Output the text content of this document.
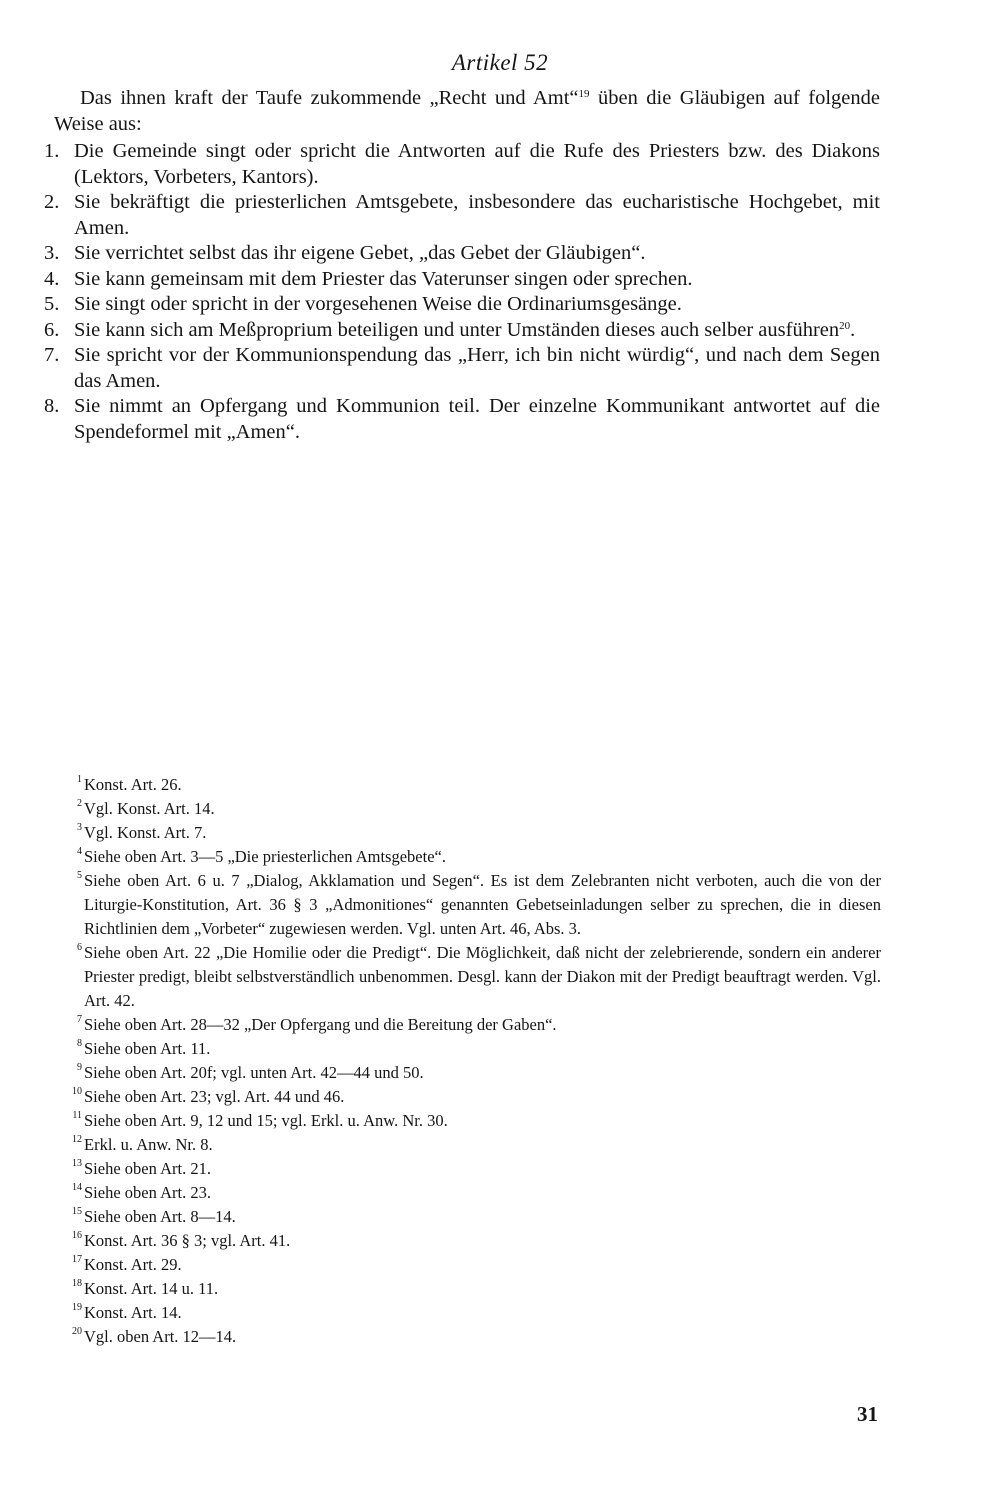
Artikel 52

Das ihnen kraft der Taufe zukommende „Recht und Amt“$^{19}$ üben die Gläubigen auf folgende Weise aus:

1. Die Gemeinde singt oder spricht die Antworten auf die Rufe des Priesters bzw. des Diakons (Lektors, Vorbeters, Kantors).
2. Sie bekräftigt die priesterlichen Amtsgebete, insbesondere das eucharistische Hochgebet, mit Amen.
3. Sie verrichtet selbst das ihr eigene Gebet, „das Gebet der Gläubigen“.
4. Sie kann gemeinsam mit dem Priester das Vaterunser singen oder sprechen.
5. Sie singt oder spricht in der vorgesehenen Weise die Ordinariumsgesänge.
6. Sie kann sich am Meßproprium beteiligen und unter Umständen dieses auch selber ausführen$^{20}$.
7. Sie spricht vor der Kommunionspendung das „Herr, ich bin nicht würdig“, und nach dem Segen das Amen.
8. Sie nimmt an Opfergang und Kommunion teil. Der einzelne Kommunikant antwortet auf die Spendeformel mit „Amen“.
1 Konst. Art. 26.
2 Vgl. Konst. Art. 14.
3 Vgl. Konst. Art. 7.
4 Siehe oben Art. 3—5 „Die priesterlichen Amtsgebete“.
5 Siehe oben Art. 6 u. 7 „Dialog, Akklamation und Segen“. Es ist dem Zelebranten nicht verboten, auch die von der Liturgie-Konstitution, Art. 36 § 3 „Admonitiones“ genannten Gebetseinladungen selber zu sprechen, die in diesen Richtlinien dem „Vorbeter“ zugewiesen werden. Vgl. unten Art. 46, Abs. 3.
6 Siehe oben Art. 22 „Die Homilie oder die Predigt“. Die Möglichkeit, daß nicht der zelebrierende, sondern ein anderer Priester predigt, bleibt selbstverständlich unbenommen. Desgl. kann der Diakon mit der Predigt beauftragt werden. Vgl. Art. 42.
7 Siehe oben Art. 28—32 „Der Opfergang und die Bereitung der Gaben“.
8 Siehe oben Art. 11.
9 Siehe oben Art. 20f; vgl. unten Art. 42—44 und 50.
10 Siehe oben Art. 23; vgl. Art. 44 und 46.
11 Siehe oben Art. 9, 12 und 15; vgl. Erkl. u. Anw. Nr. 30.
12 Erkl. u. Anw. Nr. 8.
13 Siehe oben Art. 21.
14 Siehe oben Art. 23.
15 Siehe oben Art. 8—14.
16 Konst. Art. 36 § 3; vgl. Art. 41.
17 Konst. Art. 29.
18 Konst. Art. 14 u. 11.
19 Konst. Art. 14.
20 Vgl. oben Art. 12—14.
31
